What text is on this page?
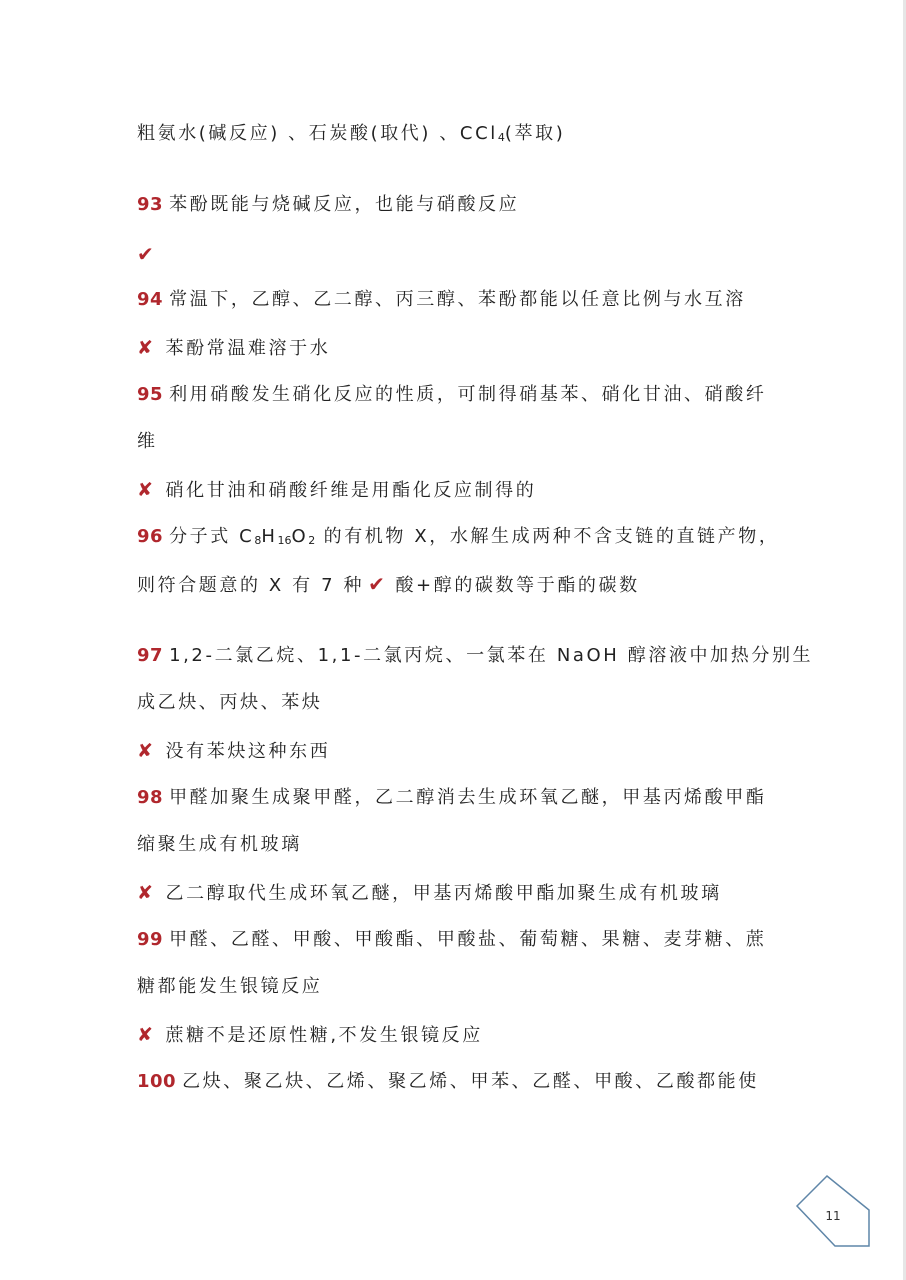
粗氨水(碱反应) 、石炭酸(取代) 、CCl4(萃取)
93 苯酚既能与烧碱反应，也能与硝酸反应
✔
94 常温下，乙醇、乙二醇、丙三醇、苯酚都能以任意比例与水互溶
✘ 苯酚常温难溶于水
95 利用硝酸发生硝化反应的性质，可制得硝基苯、硝化甘油、硝酸纤
维
✘ 硝化甘油和硝酸纤维是用酯化反应制得的
96 分子式 C8H16O2 的有机物 X，水解生成两种不含支链的直链产物，
则符合题意的 X 有 7 种 ✔ 酸+醇的碳数等于酯的碳数
97 1,2-二氯乙烷、1,1-二氯丙烷、一氯苯在 NaOH 醇溶液中加热分别生
成乙炔、丙炔、苯炔
✘ 没有苯炔这种东西
98 甲醛加聚生成聚甲醛，乙二醇消去生成环氧乙醚，甲基丙烯酸甲酯
缩聚生成有机玻璃
✘ 乙二醇取代生成环氧乙醚，甲基丙烯酸甲酯加聚生成有机玻璃
99 甲醛、乙醛、甲酸、甲酸酯、甲酸盐、葡萄糖、果糖、麦芽糖、蔗
糖都能发生银镜反应
✘ 蔗糖不是还原性糖,不发生银镜反应
100 乙炔、聚乙炔、乙烯、聚乙烯、甲苯、乙醛、甲酸、乙酸都能使
11
